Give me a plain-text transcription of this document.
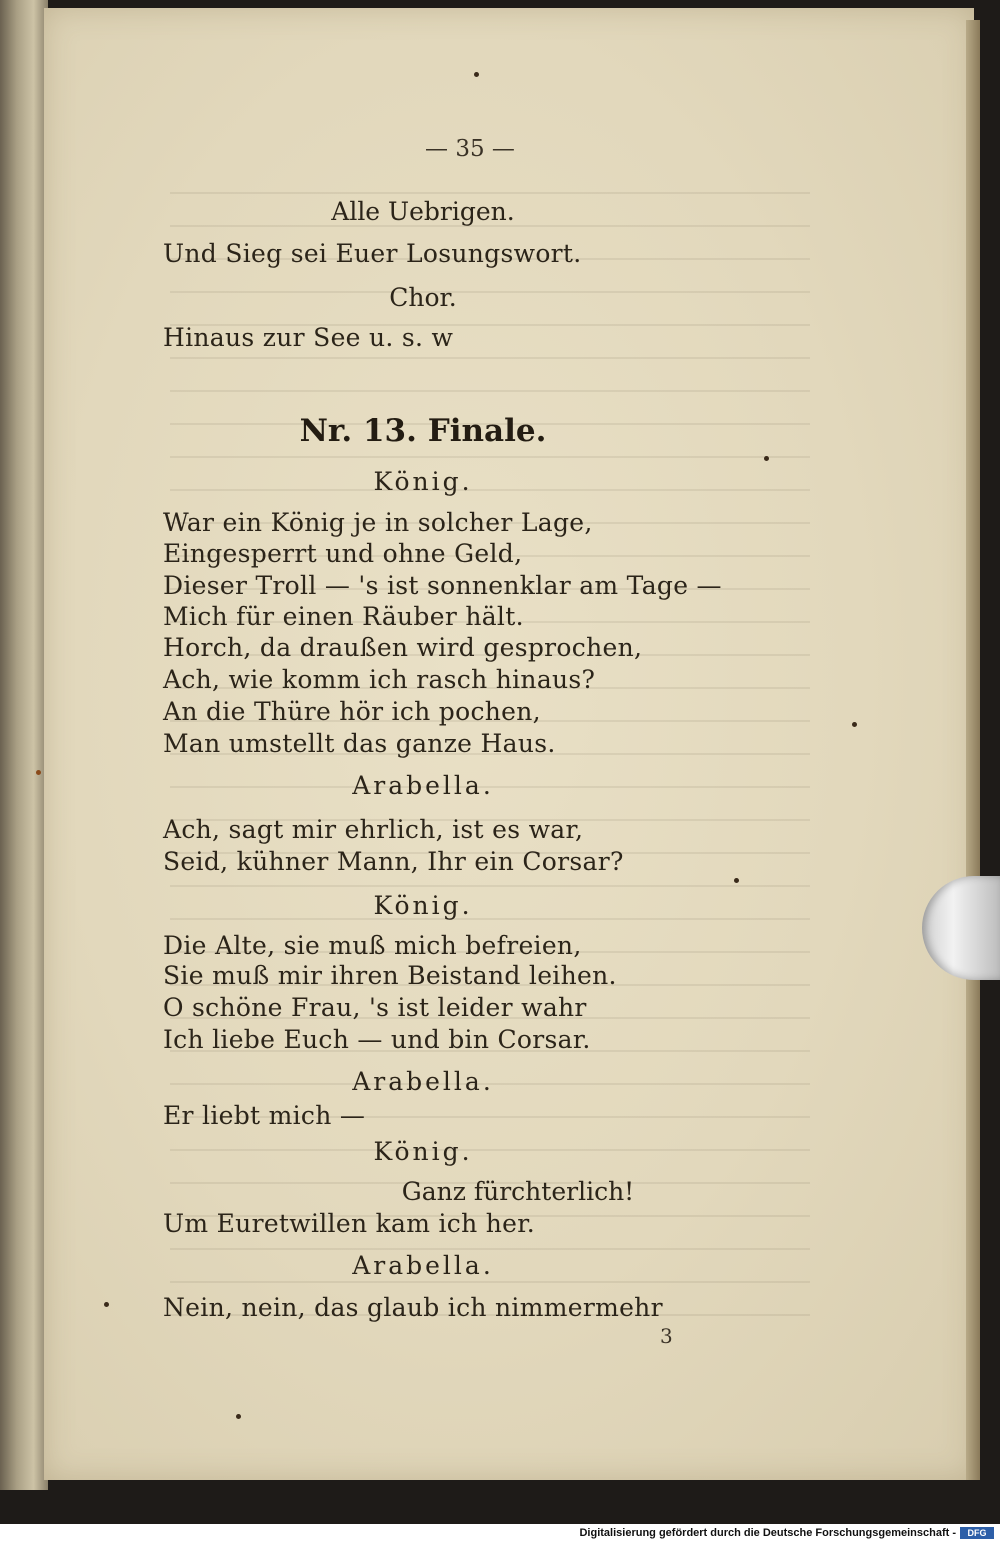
— 35 —
Alle Uebrigen.
Und Sieg sei Euer Losungswort.
Chor.
Hinaus zur See u. s. w
Nr. 13. Finale.
König.
War ein König je in solcher Lage,
Eingesperrt und ohne Geld,
Dieser Troll — 's ist sonnenklar am Tage —
Mich für einen Räuber hält.
Horch, da draußen wird gesprochen,
Ach, wie komm ich rasch hinaus?
An die Thüre hör ich pochen,
Man umstellt das ganze Haus.
Arabella.
Ach, sagt mir ehrlich, ist es war,
Seid, kühner Mann, Ihr ein Corsar?
König.
Die Alte, sie muß mich befreien,
Sie muß mir ihren Beistand leihen.
O schöne Frau, 's ist leider wahr
Ich liebe Euch — und bin Corsar.
Arabella.
Er liebt mich —
König.
Ganz fürchterlich!
Um Euretwillen kam ich her.
Arabella.
Nein, nein, das glaub ich nimmermehr
3
Digitalisierung gefördert durch die Deutsche Forschungsgemeinschaft -	DFG
